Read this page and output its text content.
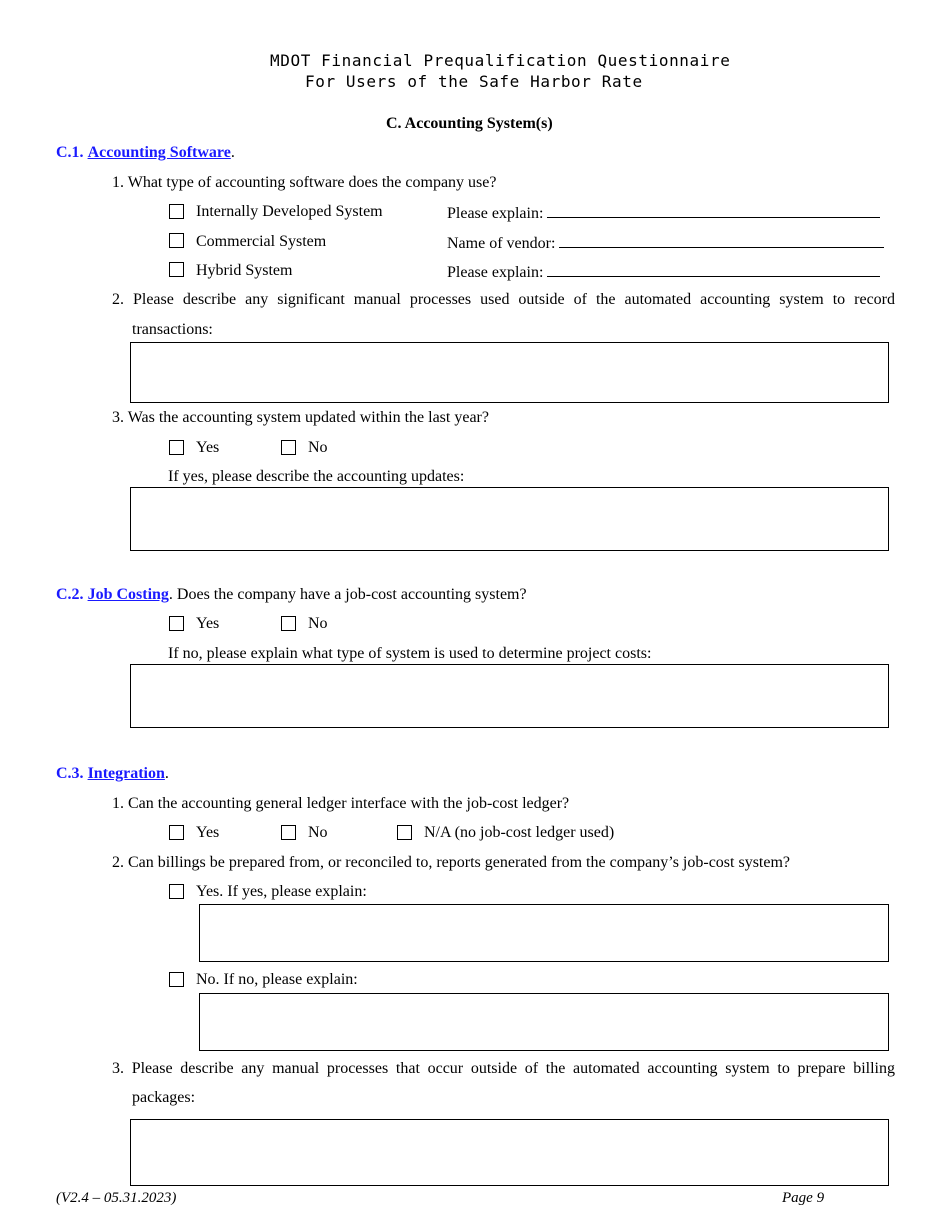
MDOT Financial Prequalification Questionnaire
For Users of the Safe Harbor Rate
C. Accounting System(s)
C.1. Accounting Software.
1. What type of accounting software does the company use?
Internally Developed System	Please explain:
Commercial System	Name of vendor:
Hybrid System	Please explain:
2. Please describe any significant manual processes used outside of the automated accounting system to record
transactions:
3. Was the accounting system updated within the last year?
Yes	No
If yes, please describe the accounting updates:
C.2. Job Costing. Does the company have a job-cost accounting system?
Yes	No
If no, please explain what type of system is used to determine project costs:
C.3. Integration.
1. Can the accounting general ledger interface with the job-cost ledger?
Yes	No	N/A (no job-cost ledger used)
2. Can billings be prepared from, or reconciled to, reports generated from the company’s job-cost system?
Yes. If yes, please explain:
No. If no, please explain:
3. Please describe any manual processes that occur outside of the automated accounting system to prepare billing
packages:
(V2.4 – 05.31.2023)	Page 9
